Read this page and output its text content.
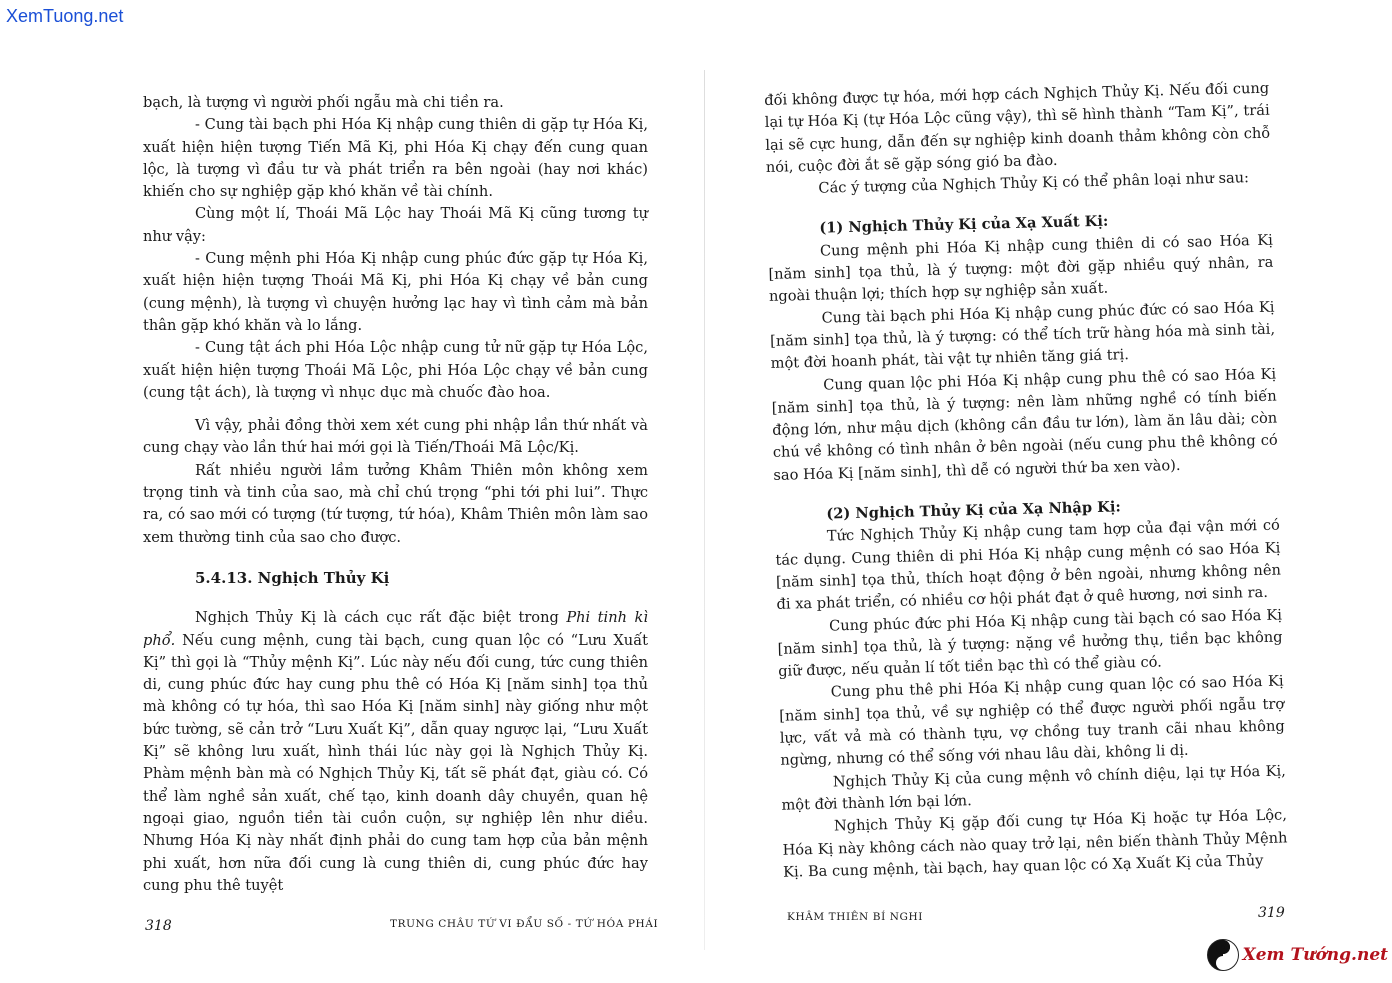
XemTuong.net

bạch, là tượng vì người phối ngẫu mà chi tiền ra.

- Cung tài bạch phi Hóa Kị nhập cung thiên di gặp tự Hóa Kị, xuất hiện hiện tượng Tiến Mã Kị, phi Hóa Kị chạy đến cung quan lộc, là tượng vì đầu tư và phát triển ra bên ngoài (hay nơi khác) khiến cho sự nghiệp gặp khó khăn về tài chính.

Cùng một lí, Thoái Mã Lộc hay Thoái Mã Kị cũng tương tự như vậy:

- Cung mệnh phi Hóa Kị nhập cung phúc đức gặp tự Hóa Kị, xuất hiện hiện tượng Thoái Mã Kị, phi Hóa Kị chạy về bản cung (cung mệnh), là tượng vì chuyện hưởng lạc hay vì tình cảm mà bản thân gặp khó khăn và lo lắng.

- Cung tật ách phi Hóa Lộc nhập cung tử nữ gặp tự Hóa Lộc, xuất hiện hiện tượng Thoái Mã Lộc, phi Hóa Lộc chạy về bản cung (cung tật ách), là tượng vì nhục dục mà chuốc đào hoa.

Vì vậy, phải đồng thời xem xét cung phi nhập lần thứ nhất và cung chạy vào lần thứ hai mới gọi là Tiến/Thoái Mã Lộc/Kị.

Rất nhiều người lầm tưởng Khâm Thiên môn không xem trọng tinh và tinh của sao, mà chỉ chú trọng “phi tới phi lui”. Thực ra, có sao mới có tượng (tứ tượng, tứ hóa), Khâm Thiên môn làm sao xem thường tinh của sao cho được.

5.4.13. Nghịch Thủy Kị

Nghịch Thủy Kị là cách cục rất đặc biệt trong Phi tinh kì phổ. Nếu cung mệnh, cung tài bạch, cung quan lộc có “Lưu Xuất Kị” thì gọi là “Thủy mệnh Kị”. Lúc này nếu đối cung, tức cung thiên di, cung phúc đức hay cung phu thê có Hóa Kị [năm sinh] tọa thủ mà không có tự hóa, thì sao Hóa Kị [năm sinh] này giống như một bức tường, sẽ cản trở “Lưu Xuất Kị”, dẫn quay ngược lại, “Lưu Xuất Kị” sẽ không lưu xuất, hình thái lúc này gọi là Nghịch Thủy Kị. Phàm mệnh bàn mà có Nghịch Thủy Kị, tất sẽ phát đạt, giàu có. Có thể làm nghề sản xuất, chế tạo, kinh doanh dây chuyền, quan hệ ngoại giao, nguồn tiền tài cuồn cuộn, sự nghiệp lên như diều. Nhưng Hóa Kị này nhất định phải do cung tam hợp của bản mệnh phi xuất, hơn nữa đối cung là cung thiên di, cung phúc đức hay cung phu thê tuyệt

318	TRUNG CHÂU TỨ VI ĐẨU SỐ - TỨ HÓA PHÁI

đối không được tự hóa, mới hợp cách Nghịch Thủy Kị. Nếu đối cung lại tự Hóa Kị (tự Hóa Lộc cũng vậy), thì sẽ hình thành “Tam Kị”, trái lại sẽ cực hung, dẫn đến sự nghiệp kinh doanh thảm không còn chỗ nói, cuộc đời ắt sẽ gặp sóng gió ba đào.

Các ý tượng của Nghịch Thủy Kị có thể phân loại như sau:

(1) Nghịch Thủy Kị của Xạ Xuất Kị:

Cung mệnh phi Hóa Kị nhập cung thiên di có sao Hóa Kị [năm sinh] tọa thủ, là ý tượng: một đời gặp nhiều quý nhân, ra ngoài thuận lợi; thích hợp sự nghiệp sản xuất.

Cung tài bạch phi Hóa Kị nhập cung phúc đức có sao Hóa Kị [năm sinh] tọa thủ, là ý tượng: có thể tích trữ hàng hóa mà sinh tài, một đời hoanh phát, tài vật tự nhiên tăng giá trị.

Cung quan lộc phi Hóa Kị nhập cung phu thê có sao Hóa Kị [năm sinh] tọa thủ, là ý tượng: nên làm những nghề có tính biến động lớn, như mậu dịch (không cần đầu tư lớn), làm ăn lâu dài; còn chú về không có tình nhân ở bên ngoài (nếu cung phu thê không có sao Hóa Kị [năm sinh], thì dễ có người thứ ba xen vào).

(2) Nghịch Thủy Kị của Xạ Nhập Kị:

Tức Nghịch Thủy Kị nhập cung tam hợp của đại vận mới có tác dụng. Cung thiên di phi Hóa Kị nhập cung mệnh có sao Hóa Kị [năm sinh] tọa thủ, thích hoạt động ở bên ngoài, nhưng không nên đi xa phát triển, có nhiều cơ hội phát đạt ở quê hương, nơi sinh ra.

Cung phúc đức phi Hóa Kị nhập cung tài bạch có sao Hóa Kị [năm sinh] tọa thủ, là ý tượng: nặng về hưởng thụ, tiền bạc không giữ được, nếu quản lí tốt tiền bạc thì có thể giàu có.

Cung phu thê phi Hóa Kị nhập cung quan lộc có sao Hóa Kị [năm sinh] tọa thủ, về sự nghiệp có thể được người phối ngẫu trợ lực, vất vả mà có thành tựu, vợ chồng tuy tranh cãi nhau không ngừng, nhưng có thể sống với nhau lâu dài, không li dị.

Nghịch Thủy Kị của cung mệnh vô chính diệu, lại tự Hóa Kị, một đời thành lớn bại lớn.

Nghịch Thủy Kị gặp đối cung tự Hóa Kị hoặc tự Hóa Lộc, Hóa Kị này không cách nào quay trở lại, nên biến thành Thủy Mệnh Kị. Ba cung mệnh, tài bạch, hay quan lộc có Xạ Xuất Kị của Thủy

KHÂM THIÊN BÍ NGHI	319
Xem Tướng.net
